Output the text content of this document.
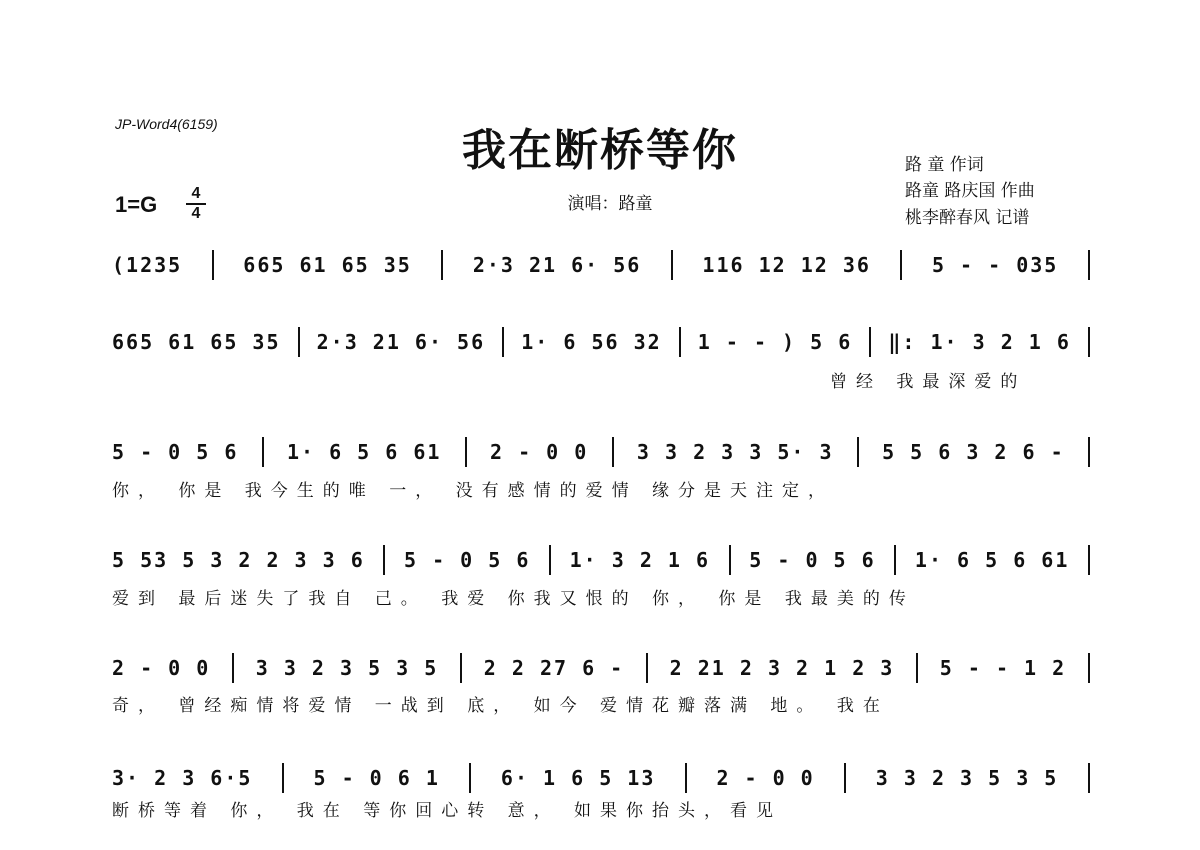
JP-Word4(6159)
我在断桥等你
1=G	4
4	演唱：路童
路 童 作词
路童 路庆国 作曲
桃李醉春风 记谱
(1235	665 61 65 35	2·3 21 6· 56	116 12 12 36	5 - - 035
665 61 65 35 2·3 21 6· 56 1· 6 56 32 1 - - ) 5 6 ‖: 1· 3 2 1 6
曾经 我最深爱的
5 - 0 5 6 1· 6 5 6 61 2 - 0 0 3 3 2 3 3 5· 3 5 5 6 3 2 6 -
你， 你是 我今生的唯 一， 没有感情的爱情 缘分是天注定，
5 53 5 3 2 2 3 3 6 5 - 0 5 6 1· 3 2 1 6 5 - 0 5 6 1· 6 5 6 61
爱到 最后迷失了我自 己。 我爱 你我又恨的 你， 你是 我最美的传
2 - 0 0 3 3 2 3 5 3 5 2 2 27 6 - 2 21 2 3 2 1 2 3 5 - - 1 2
奇， 曾经痴情将爱情 一战到 底， 如今 爱情花瓣落满 地。 我在
3· 2 3 6·5	5 - 0 6 1	6· 1 6 5 13	2 - 0 0	3 3 2 3 5 3 5
断桥等着 你， 我在 等你回心转 意， 如果你抬头，看见
